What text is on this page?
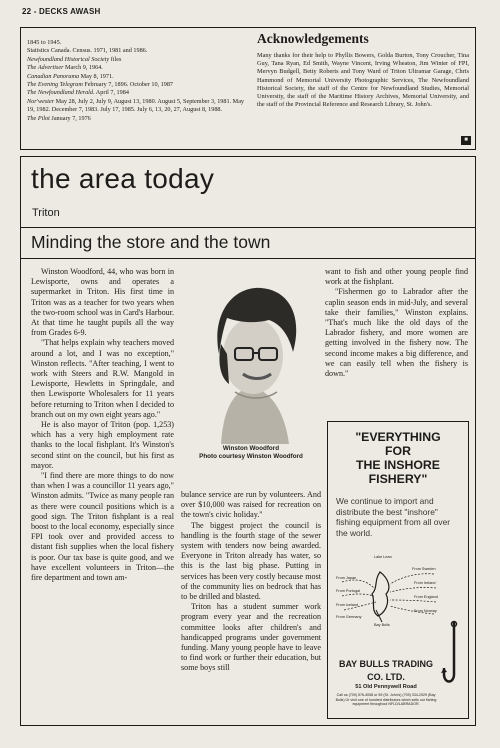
22 - DECKS AWASH
1845 to 1945.
Statistics Canada. Census. 1971, 1981 and 1986.
Newfoundland Historical Society files
The Advertiser March 9, 1964.
Canadian Panorama May 8, 1971.
The Evening Telegram February 7, 1896. October 10, 1987
The Newfoundland Herald. April 7, 1984
Nor'wester May 28, July 2, July 9, August 13, 1980. August 5, September 3, 1981. May 19, 1982. December 7, 1983. July 17, 1985. July 6, 13, 20, 27, August 8, 1988.
The Pilot January 7, 1976
Acknowledgements

Many thanks for their help to Phyllis Bowers, Golda Burton, Tony Croucher, Tina Guy, Tana Ryan, Ed Smith, Wayne Vincent, Irving Wheaton, Jim Winter of FPI, Mervyn Budgell, Betty Roberts and Tony Ward of Triton Ultramar Garage, Chris Hammond of Memorial University Photographic Services, The Newfoundland Historical Society, the staff of the Centre for Newfoundland Studies, Memorial University, the staff of the Maritime History Archives, Memorial University, and the staff of the Provincial Reference and Research Library, St. John's.

■
the area today
Triton
Minding the store and the town

Winston Woodford, 44, who was born in Lewisporte, owns and operates a supermarket in Triton. His first time in Triton was as a teacher for two years when the two-room school was in Card's Harbour. At that time he taught pupils all the way from Grades 6-9.

"That helps explain why teachers moved around a lot, and I was no exception," Winston reflects. "After teaching, I went to work with Steers and R.W. Mangold in Lewisporte, Hewletts in Springdale, and then Lewisporte Wholesalers for 11 years before returning to Triton when I decided to branch out on my own eight years ago."

He is also mayor of Triton (pop. 1,253) which has a very high employment rate thanks to the local fishplant. It's Winston's second stint on the council, but his first as mayor.

"I find there are more things to do now than when I was a councillor 11 years ago," Winston admits. "Twice as many people ran as there were council positions which is a good sign. The Triton fishplant is a real boost to the local economy, especially since FPI took over and provided access to distant fish supplies when the local fishery is poor. Our tax base is quite good, and we have excellent volunteers in Triton—the fire department and town am-

Winston Woodford
Photo courtesy Winston Woodford

bulance service are run by volunteers. And over $10,000 was raised for recreation on the town's civic holiday."

The biggest project the council is handling is the fourth stage of the sewer system with tenders now being awarded. Everyone in Triton already has water, so this is the last big phase. Putting in services has been very costly because most of the community lies on bedrock that has to be drilled and blasted.

Triton has a student summer work program every year and the recreation committee looks after children's and handicapped programs under government funding. Many young people have to leave to find work or further their education, but some boys still

want to fish and other young people find work at the fishplant.

"Fishermen go to Labrador after the caplin season ends in mid-July, and several take their families," Winston explains. "That's much like the old days of the Labrador fishery, and more women are getting involved in the fishery now. The second income makes a big difference, and we can easily tell when the fishery is down."

"EVERYTHING
FOR
THE INSHORE
FISHERY"
We continue to import and distribute the best "inshore" fishing equipment from all over the world.
Lake Lean
From Japan
From Portugal
From Sweden
From Ireland
From England
Bay Bulls
From Norway
From Iceland
From Germany
BAY BULLS TRADING
CO. LTD.
51 Old Pennywell Road
Call us (709) 576-4058 or 59 (St. John's) (709) 334-2929 (Bay Bulls) Or visit one of hundred distributors which sells our fishing equipment throughout NFLD/LABRADOR.
